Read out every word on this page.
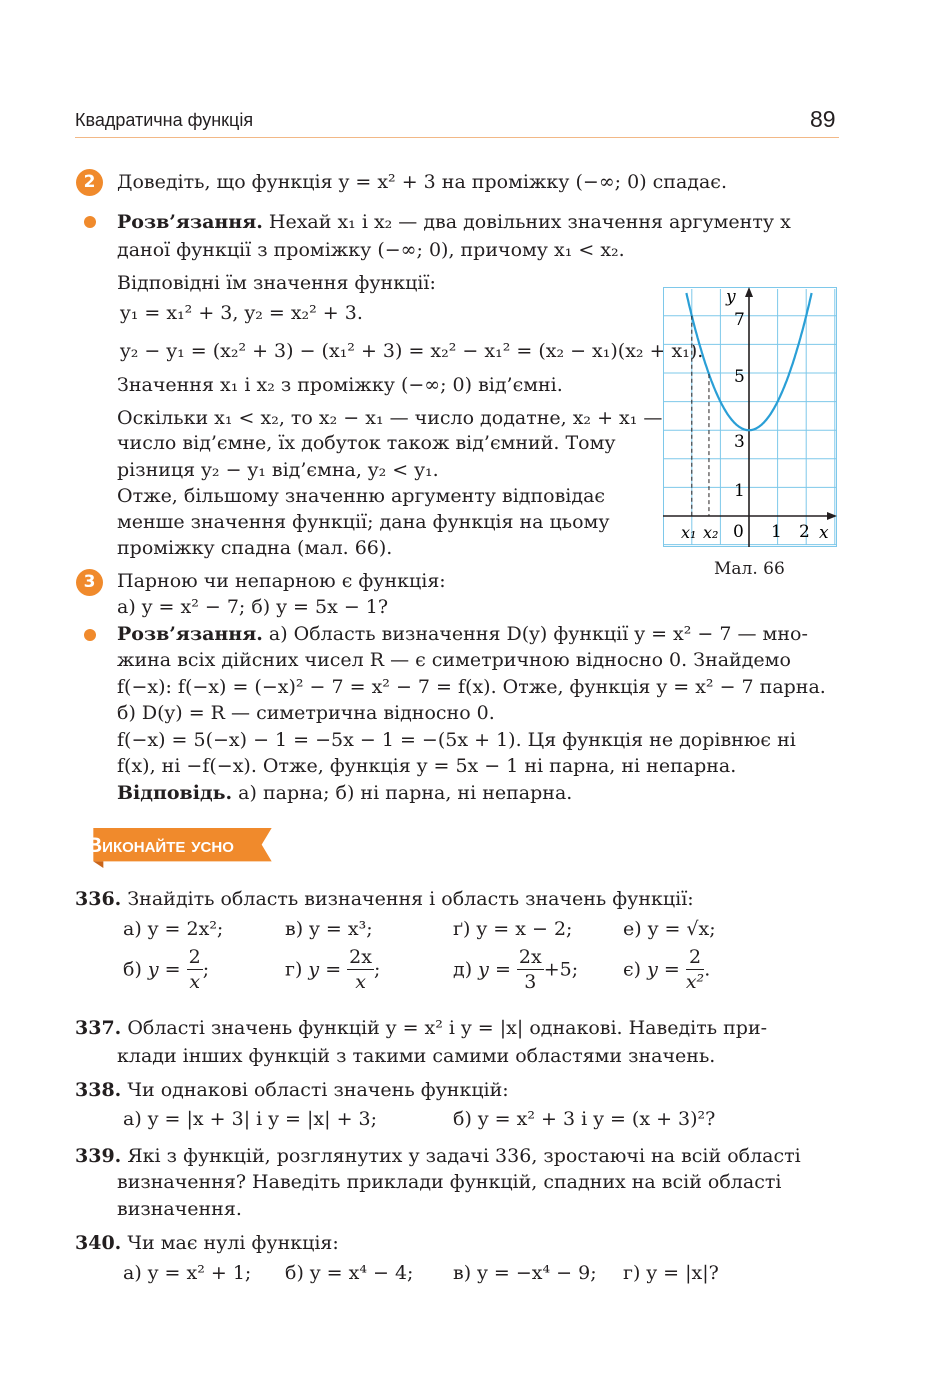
Квадратична функція	89
2	Доведіть, що функція y = x² + 3 на проміжку (−∞; 0) спадає.
Розв’язання. Нехай x₁ і x₂ — два довільних значення аргументу x
даної функції з проміжку (−∞; 0), причому x₁ < x₂.
Відповідні їм значення функції:
y₁ = x₁² + 3, y₂ = x₂² + 3.
y₂ − y₁ = (x₂² + 3) − (x₁² + 3) = x₂² − x₁² = (x₂ − x₁)(x₂ + x₁).
Значення x₁ і x₂ з проміжку (−∞; 0) від’ємні.
Оскільки x₁ < x₂, то x₂ − x₁ — число додатне, x₂ + x₁ —
число від’ємне, їх добуток також від’ємний. Тому
різниця y₂ − y₁ від’ємна, y₂ < y₁.
Отже, більшому значенню аргументу відповідає
менше значення функції; дана функція на цьому
проміжку спадна (мал. 66).
y
x
0
7
5
3
1
1 2
x₁ x₂
Мал. 66
3	Парною чи непарною є функція:
а) y = x² − 7; б) y = 5x − 1?
Розв’язання. а) Область визначення D(y) функції y = x² − 7 — мно-
жина всіх дійсних чисел R — є симетричною відносно 0. Знайдемо
f(−x): f(−x) = (−x)² − 7 = x² − 7 = f(x). Отже, функція y = x² − 7 парна.
б) D(y) = R — симетрична відносно 0.
f(−x) = 5(−x) − 1 = −5x − 1 = −(5x + 1). Ця функція не дорівнює ні
f(x), ні −f(−x). Отже, функція y = 5x − 1 ні парна, ні непарна.
Відповідь. а) парна; б) ні парна, ні непарна.
Виконайте усно
336. Знайдіть область визначення і область значень функції:
а) y = 2x²;	в) y = x³;	ґ) y = x − 2;	е) y = √x;
б) $y = \frac{2}{x}$ ;	г) $y = \frac{2x}{x}$ ;	д) $y = \frac{2x}{3} +5$; є) $y = \frac{2}{\text{x²}}$ .
337. Області значень функцій y = x² і y = |x| однакові. Наведіть при-
клади інших функцій з такими самими областями значень.
338. Чи однакові області значень функцій:
а) y = |x + 3| і y = |x| + 3;	б) y = x² + 3 і y = (x + 3)²?
339. Які з функцій, розглянутих у задачі 336, зростаючі на всій області
визначення? Наведіть приклади функцій, спадних на всій області
визначення.
340. Чи має нулі функція:
а) y = x² + 1; б) y = x⁴ − 4; в) y = −x⁴ − 9; г) y = |x|?
